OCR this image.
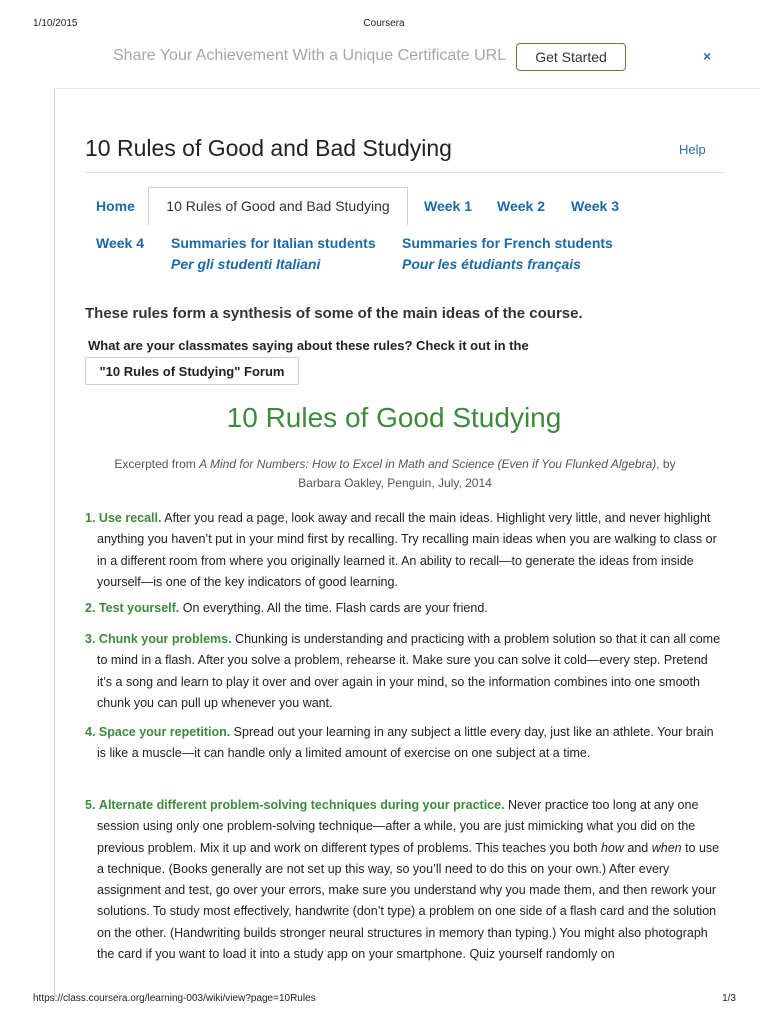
1/10/2015	Coursera
https://class.coursera.org/learning-003/wiki/view?page=10Rules	1/3
Share Your Achievement With a Unique Certificate URL	Get Started	×
10 Rules of Good and Bad Studying	Help
Home	10 Rules of Good and Bad Studying	Week 1 Week 2 Week 3
Week 4 Summaries for Italian students
Per gli studenti Italiani
Summaries for French students
Pour les étudiants français
These rules form a synthesis of some of the main ideas of the course.
What are your classmates saying about these rules? Check it out in the
"10 Rules of Studying" Forum
10 Rules of Good Studying
Excerpted from A Mind for Numbers: How to Excel in Math and Science (Even if You Flunked Algebra), by Barbara Oakley, Penguin, July, 2014
1. Use recall. After you read a page, look away and recall the main ideas. Highlight very little, and never highlight anything you haven’t put in your mind first by recalling. Try recalling main ideas when you are walking to class or in a different room from where you originally learned it. An ability to recall—to generate the ideas from inside yourself—is one of the key indicators of good learning.
2. Test yourself. On everything. All the time. Flash cards are your friend.
3. Chunk your problems. Chunking is understanding and practicing with a problem solution so that it can all come to mind in a flash. After you solve a problem, rehearse it. Make sure you can solve it cold—every step. Pretend it’s a song and learn to play it over and over again in your mind, so the information combines into one smooth chunk you can pull up whenever you want.
4. Space your repetition. Spread out your learning in any subject a little every day, just like an athlete. Your brain is like a muscle—it can handle only a limited amount of exercise on one subject at a time.
5. Alternate different problem-solving techniques during your practice. Never practice too long at any one session using only one problem-solving technique—after a while, you are just mimicking what you did on the previous problem. Mix it up and work on different types of problems. This teaches you both how and when to use a technique. (Books generally are not set up this way, so you’ll need to do this on your own.) After every assignment and test, go over your errors, make sure you understand why you made them, and then rework your solutions. To study most effectively, handwrite (don’t type) a problem on one side of a flash card and the solution on the other. (Handwriting builds stronger neural structures in memory than typing.) You might also photograph the card if you want to load it into a study app on your smartphone. Quiz yourself randomly on
